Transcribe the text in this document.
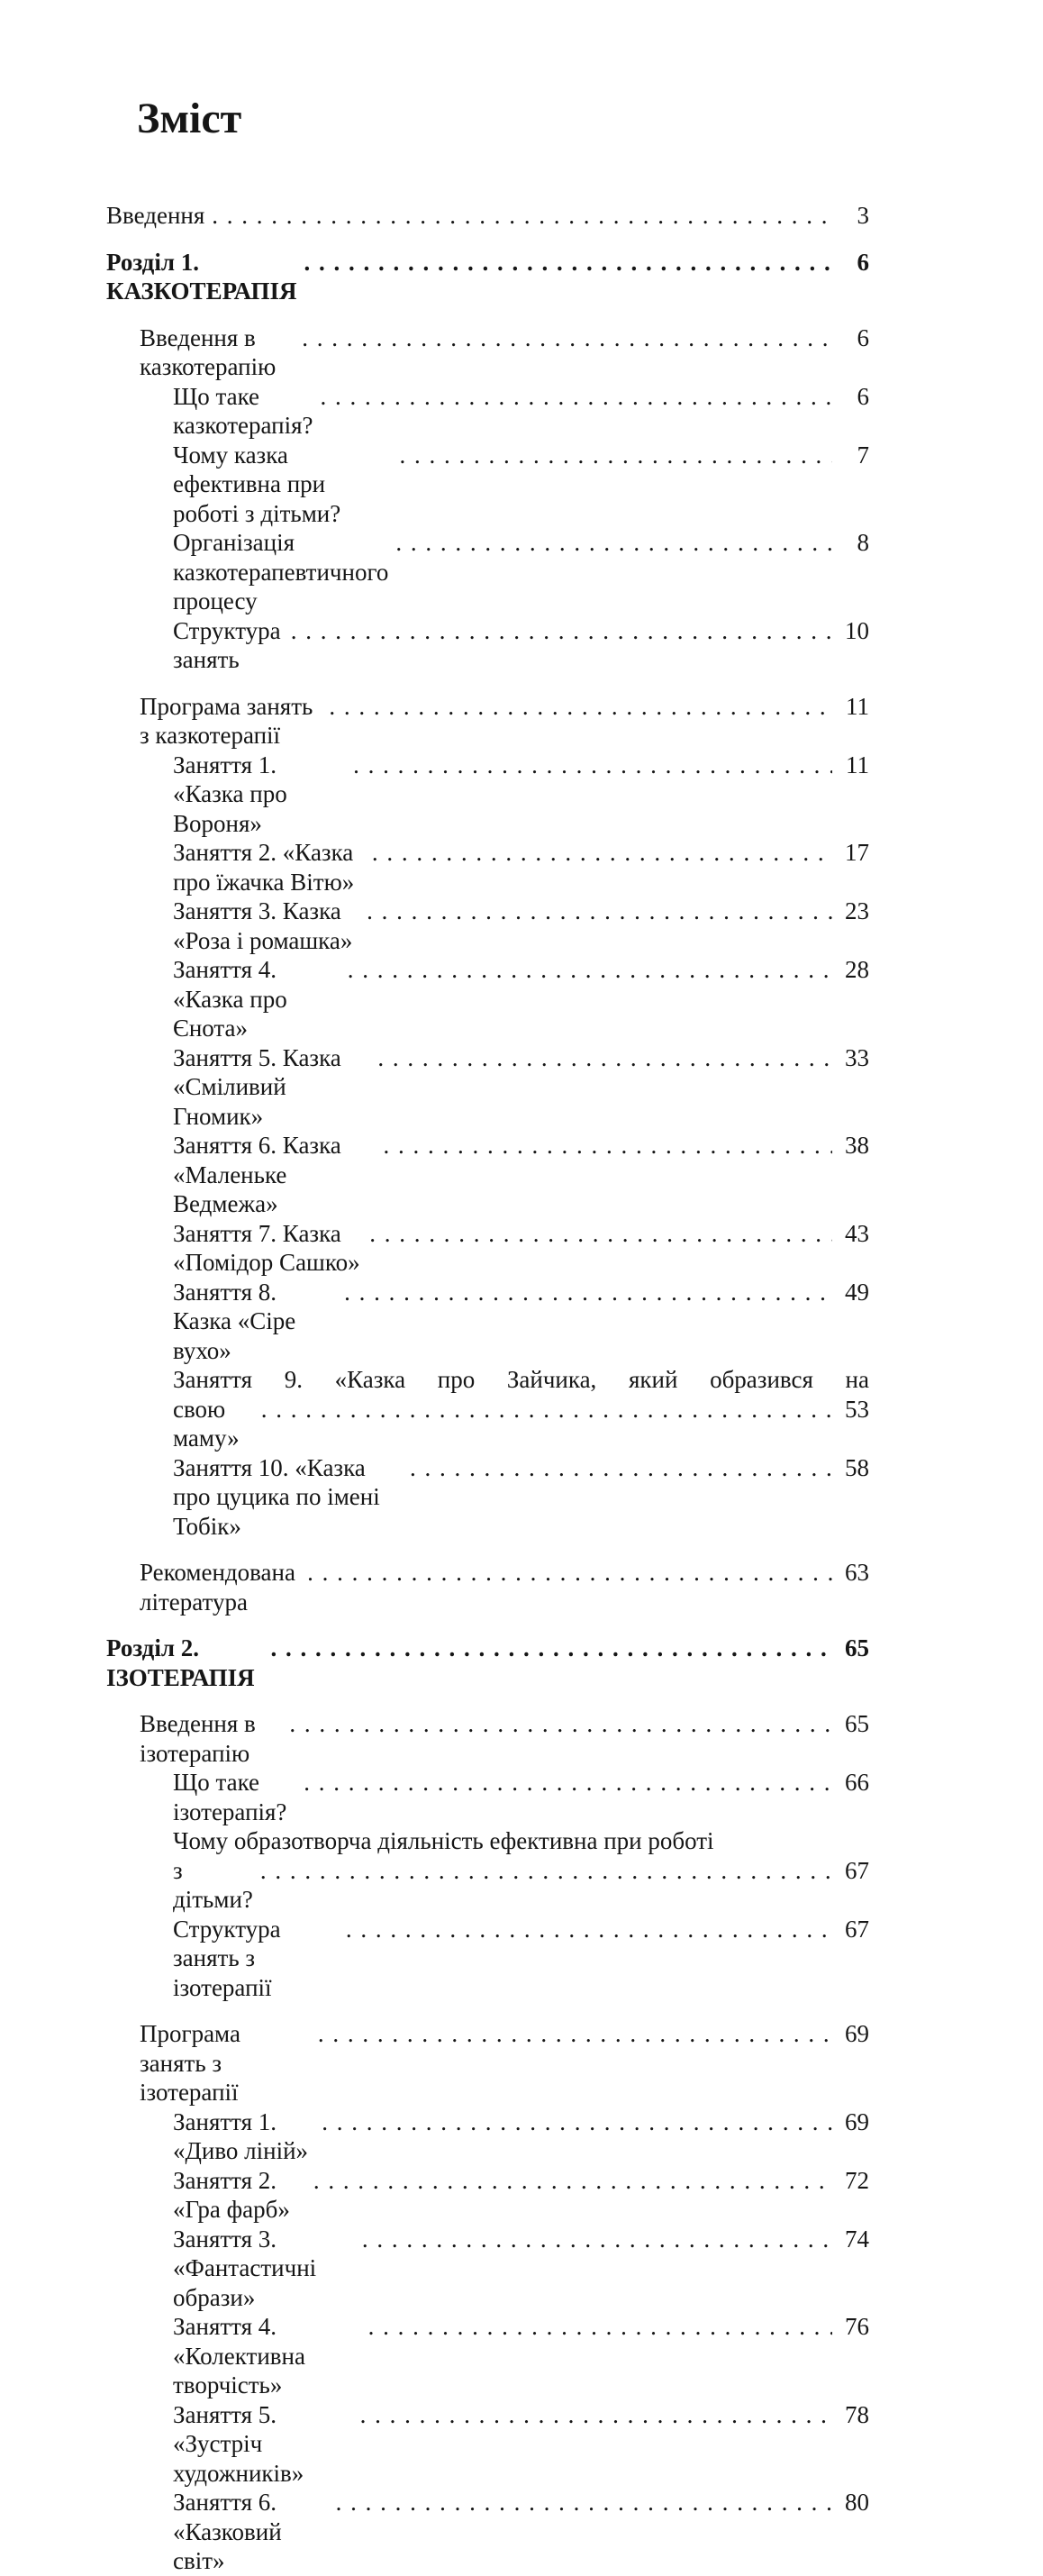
Зміст
Введення . . .	3
Розділ 1. КАЗКОТЕРАПІЯ
. . .
6
Введення в казкотерапію
. . .
6
Що таке казкотерапія?
. . .
6
Чому казка ефективна при роботі з дітьми?
. . .
7
Організація казкотерапевтичного процесу
. . .
8
Структура занять
. . .
10
Програма занять з казкотерапії
. . .
11
Заняття 1. «Казка про Вороня»
. . .
11
Заняття 2. «Казка про їжачка Вітю»
. . .
17
Заняття 3. Казка «Роза і ромашка»
. . .
23
Заняття 4. «Казка про Єнота»
. . .
28
Заняття 5. Казка «Сміливий Гномик»
. . .
33
Заняття 6. Казка «Маленьке Ведмежа»
. . .
38
Заняття 7. Казка «Помідор Сашко»
. . .
43
Заняття 8. Казка «Сіре вухо»
. . .
49
Заняття 9. «Казка про Зайчика, який образився на
свою маму»
. . .
53
Заняття 10. «Казка про цуцика по імені Тобік»
. . .
58
Рекомендована література
. . .
63
Розділ 2. ІЗОТЕРАПІЯ
. . .
65
Введення в ізотерапію
. . .
65
Що таке ізотерапія?
. . .
66
Чому образотворча діяльність ефективна при роботі
з дітьми?
. . .
67
Структура занять з ізотерапії
. . .
67
Програма занять з ізотерапії
. . .
69
Заняття 1. «Диво ліній»
. . .
69
Заняття 2. «Гра фарб»
. . .
72
Заняття 3. «Фантастичні образи»
. . .
74
Заняття 4. «Колективна творчість»
. . .
76
Заняття 5. «Зустріч художників»
. . .
78
Заняття 6. «Казковий світ»
. . .
80
